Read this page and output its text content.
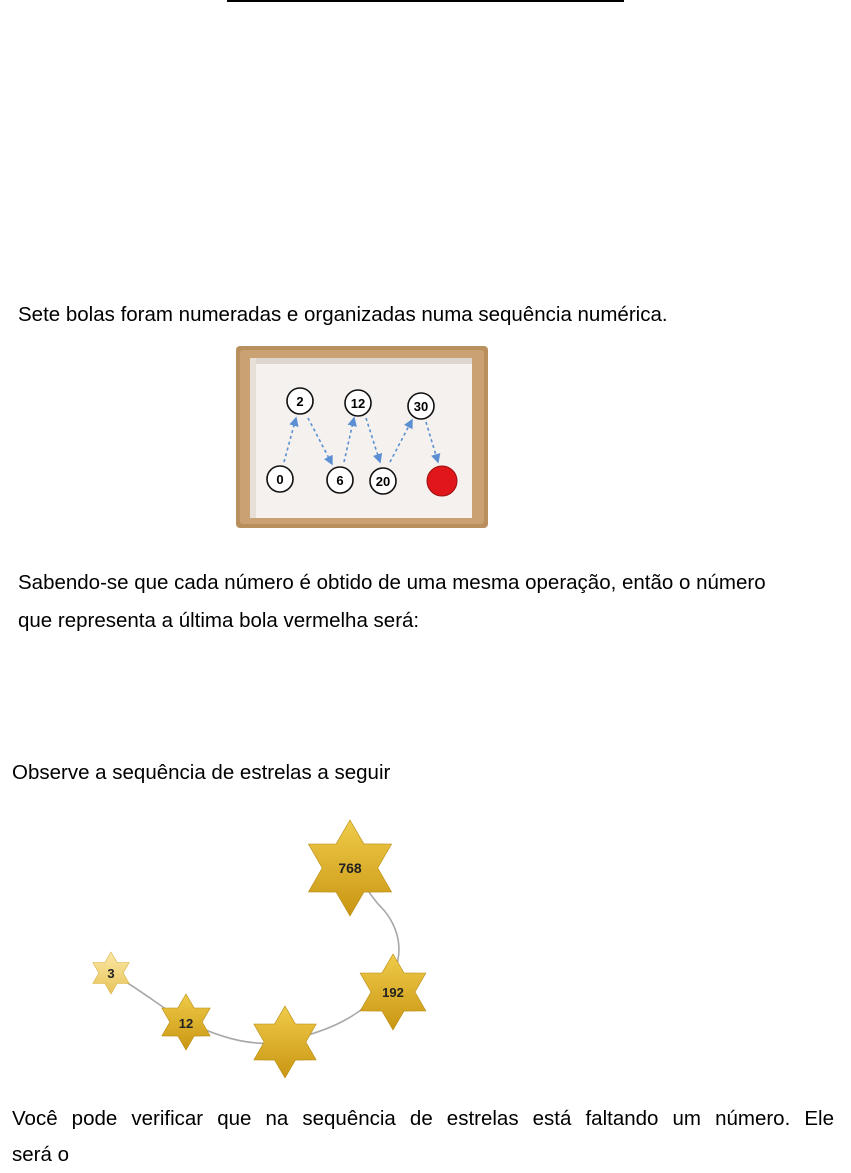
Sete bolas foram numeradas e organizadas numa sequência numérica.
2	12	30
0	6 20
Sabendo-se que cada número é obtido de uma mesma operação, então o número
que representa a última bola vermelha será:
Observe a sequência de estrelas a seguir
3
12
192
768
Você pode verificar que na sequência de estrelas está faltando um número. Ele
será o
